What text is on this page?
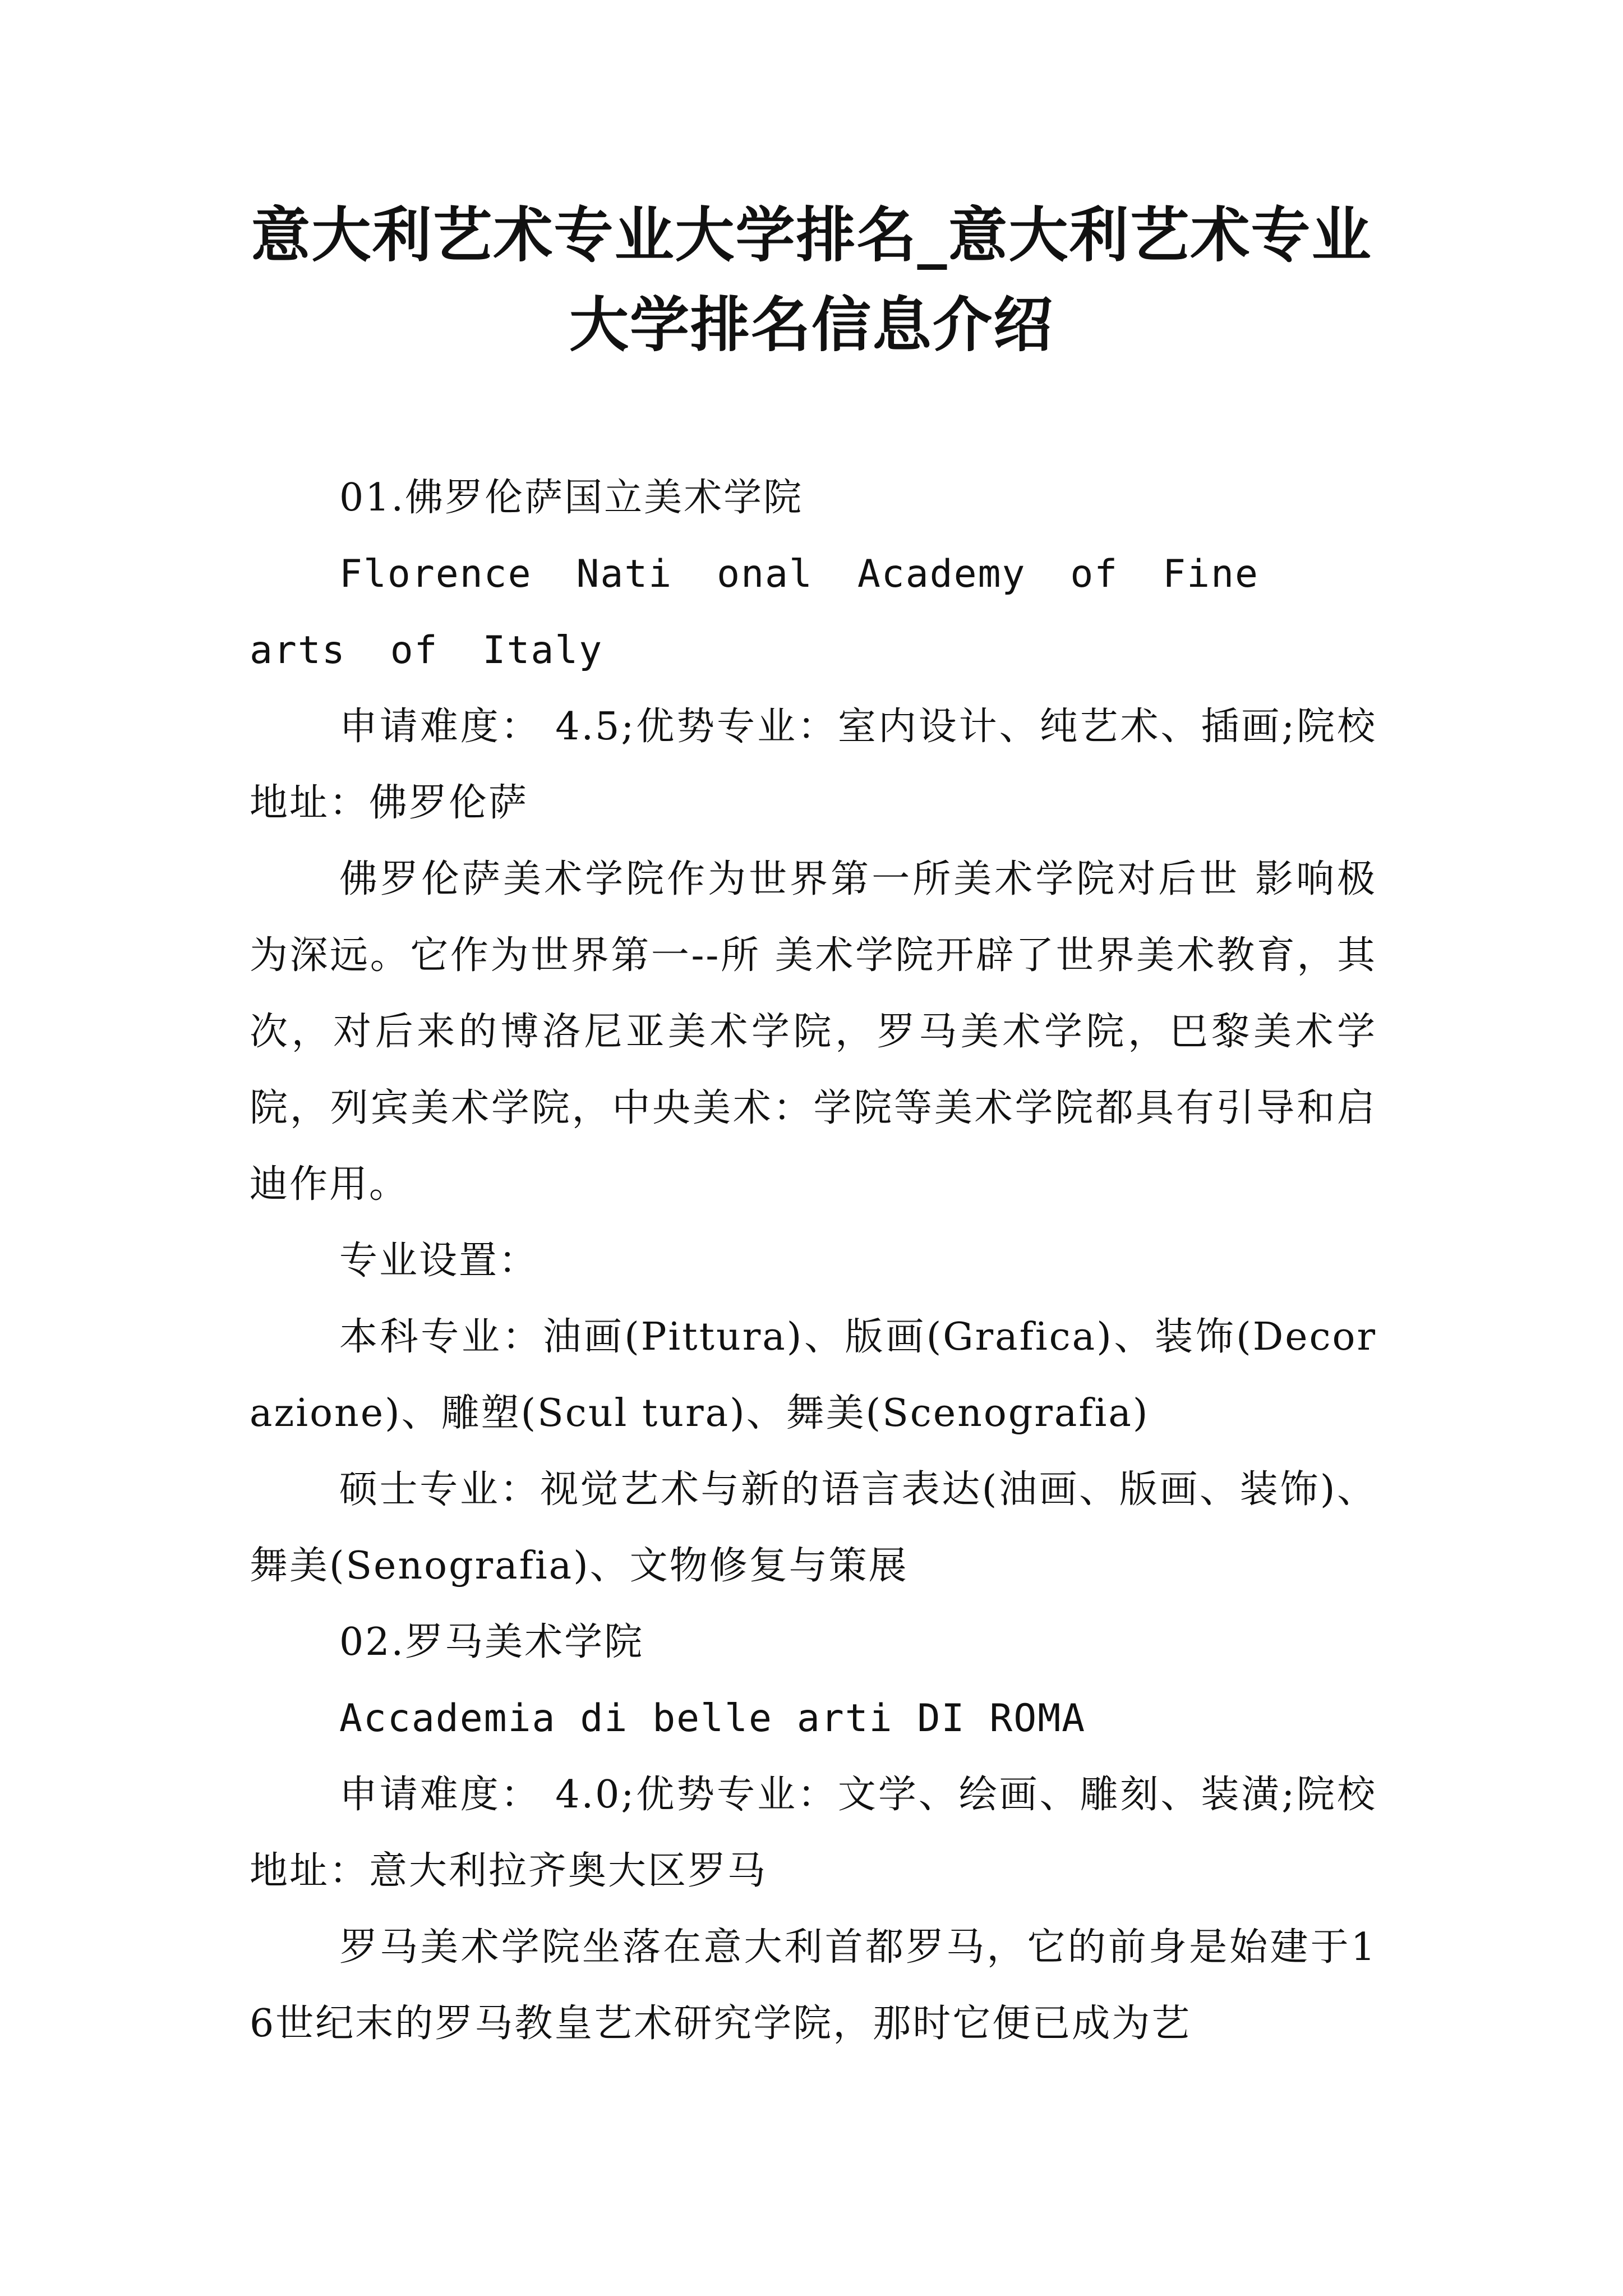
意大利艺术专业大学排名_意大利艺术专业
大学排名信息介绍

01.佛罗伦萨国立美术学院

Florence Nati onal Academy of Fine arts of Italy

申请难度： 4.5;优势专业：室内设计、纯艺术、插画;院校地址：佛罗伦萨

佛罗伦萨美术学院作为世界第一所美术学院对后世 影响极为深远。它作为世界第一--所 美术学院开辟了世界美术教育，其次，对后来的博洛尼亚美术学院，罗马美术学院，巴黎美术学院，列宾美术学院，中央美术：学院等美术学院都具有引导和启迪作用。

专业设置：

本科专业：油画(Pittura)、版画(Grafica)、装饰(Decorazione)、雕塑(Scul tura)、舞美(Scenografia)

硕士专业：视觉艺术与新的语言表达(油画、版画、装饰)、舞美(Senografia)、文物修复与策展

02.罗马美术学院

Accademia di belle arti DI ROMA

申请难度： 4.0;优势专业：文学、绘画、雕刻、装潢;院校地址：意大利拉齐奥大区罗马

罗马美术学院坐落在意大利首都罗马，它的前身是始建于16世纪末的罗马教皇艺术研究学院，那时它便已成为艺
